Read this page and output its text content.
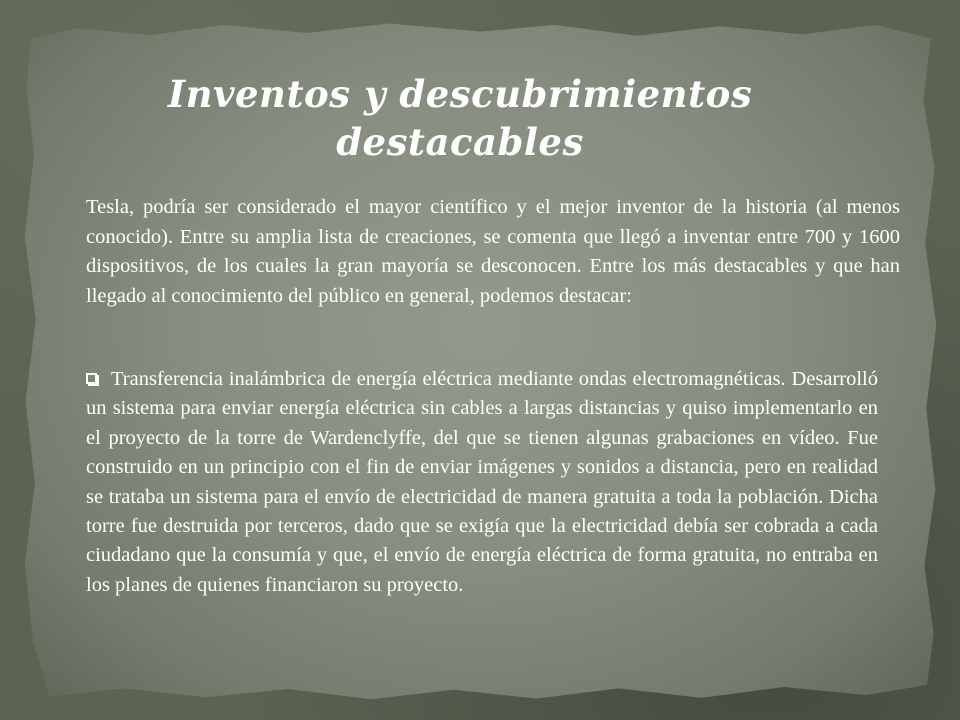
Inventos y descubrimientos destacables

Tesla, podría ser considerado el mayor científico y el mejor inventor de la historia (al menos conocido). Entre su amplia lista de creaciones, se comenta que llegó a inventar entre 700 y 1600 dispositivos, de los cuales la gran mayoría se desconocen. Entre los más destacables y que han llegado al conocimiento del público en general, podemos destacar:

Transferencia inalámbrica de energía eléctrica mediante ondas electromagnéticas. Desarrolló un sistema para enviar energía eléctrica sin cables a largas distancias y quiso implementarlo en el proyecto de la torre de Wardenclyffe, del que se tienen algunas grabaciones en vídeo. Fue construido en un principio con el fin de enviar imágenes y sonidos a distancia, pero en realidad se trataba un sistema para el envío de electricidad de manera gratuita a toda la población. Dicha torre fue destruida por terceros, dado que se exigía que la electricidad debía ser cobrada a cada ciudadano que la consumía y que, el envío de energía eléctrica de forma gratuita, no entraba en los planes de quienes financiaron su proyecto.
